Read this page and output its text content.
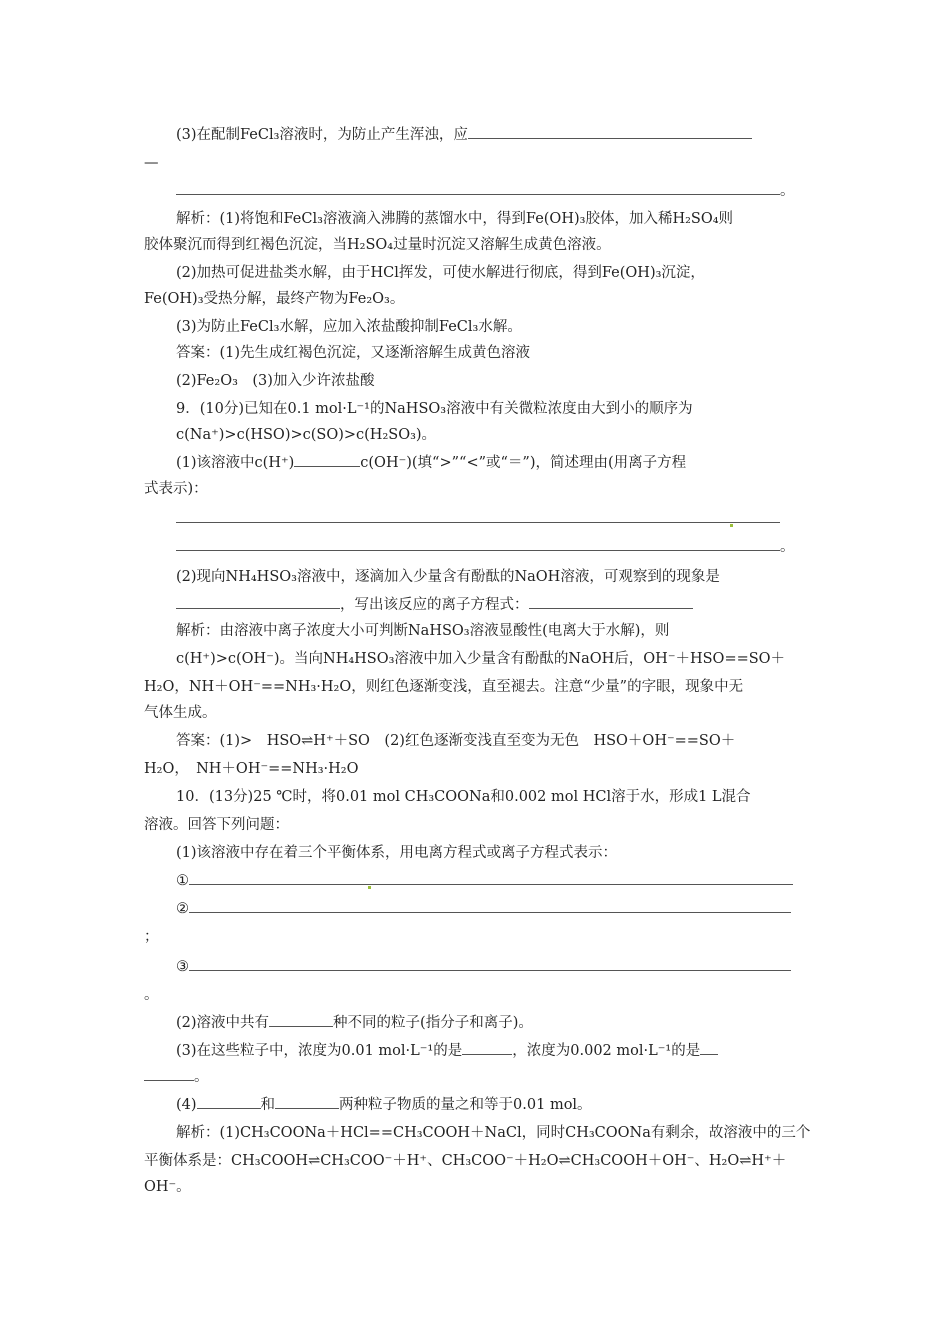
(3)在配制FeCl₃溶液时，为防止产生浑浊，应
—
。
解析：(1)将饱和FeCl₃溶液滴入沸腾的蒸馏水中，得到Fe(OH)₃胶体，加入稀H₂SO₄则
胶体聚沉而得到红褐色沉淀，当H₂SO₄过量时沉淀又溶解生成黄色溶液。
(2)加热可促进盐类水解，由于HCl挥发，可使水解进行彻底，得到Fe(OH)₃沉淀，
Fe(OH)₃受热分解，最终产物为Fe₂O₃。
(3)为防止FeCl₃水解，应加入浓盐酸抑制FeCl₃水解。
答案：(1)先生成红褐色沉淀，又逐渐溶解生成黄色溶液
(2)Fe₂O₃　(3)加入少许浓盐酸
9．(10分)已知在0.1 mol·L⁻¹的NaHSO₃溶液中有关微粒浓度由大到小的顺序为
c(Na⁺)>c(HSO)>c(SO)>c(H₂SO₃)。
(1)该溶液中c(H⁺)	c(OH⁻)(填“>”“<”或“＝”)，简述理由(用离子方程
式表示)：
。
(2)现向NH₄HSO₃溶液中，逐滴加入少量含有酚酞的NaOH溶液，可观察到的现象是
，写出该反应的离子方程式：
解析：由溶液中离子浓度大小可判断NaHSO₃溶液显酸性(电离大于水解)，则
c(H⁺)>c(OH⁻)。当向NH₄HSO₃溶液中加入少量含有酚酞的NaOH后，OH⁻＋HSO==SO＋
H₂O，NH＋OH⁻==NH₃·H₂O，则红色逐渐变浅，直至褪去。注意“少量”的字眼，现象中无
气体生成。
答案：(1)>　HSO⇌H⁺＋SO　(2)红色逐渐变浅直至变为无色　HSO＋OH⁻==SO＋
H₂O，　NH＋OH⁻==NH₃·H₂O
10．(13分)25 ℃时，将0.01 mol CH₃COONa和0.002 mol HCl溶于水，形成1 L混合
溶液。回答下列问题：
(1)该溶液中存在着三个平衡体系，用电离方程式或离子方程式表示：
①
②
；
③
。
(2)溶液中共有	种不同的粒子(指分子和离子)。
(3)在这些粒子中，浓度为0.01 mol·L⁻¹的是	，浓度为0.002 mol·L⁻¹的是
。
(4)	和	两种粒子物质的量之和等于0.01 mol。
解析：(1)CH₃COONa＋HCl==CH₃COOH＋NaCl，同时CH₃COONa有剩余，故溶液中的三个
平衡体系是：CH₃COOH⇌CH₃COO⁻＋H⁺、CH₃COO⁻＋H₂O⇌CH₃COOH＋OH⁻、H₂O⇌H⁺＋
OH⁻。
